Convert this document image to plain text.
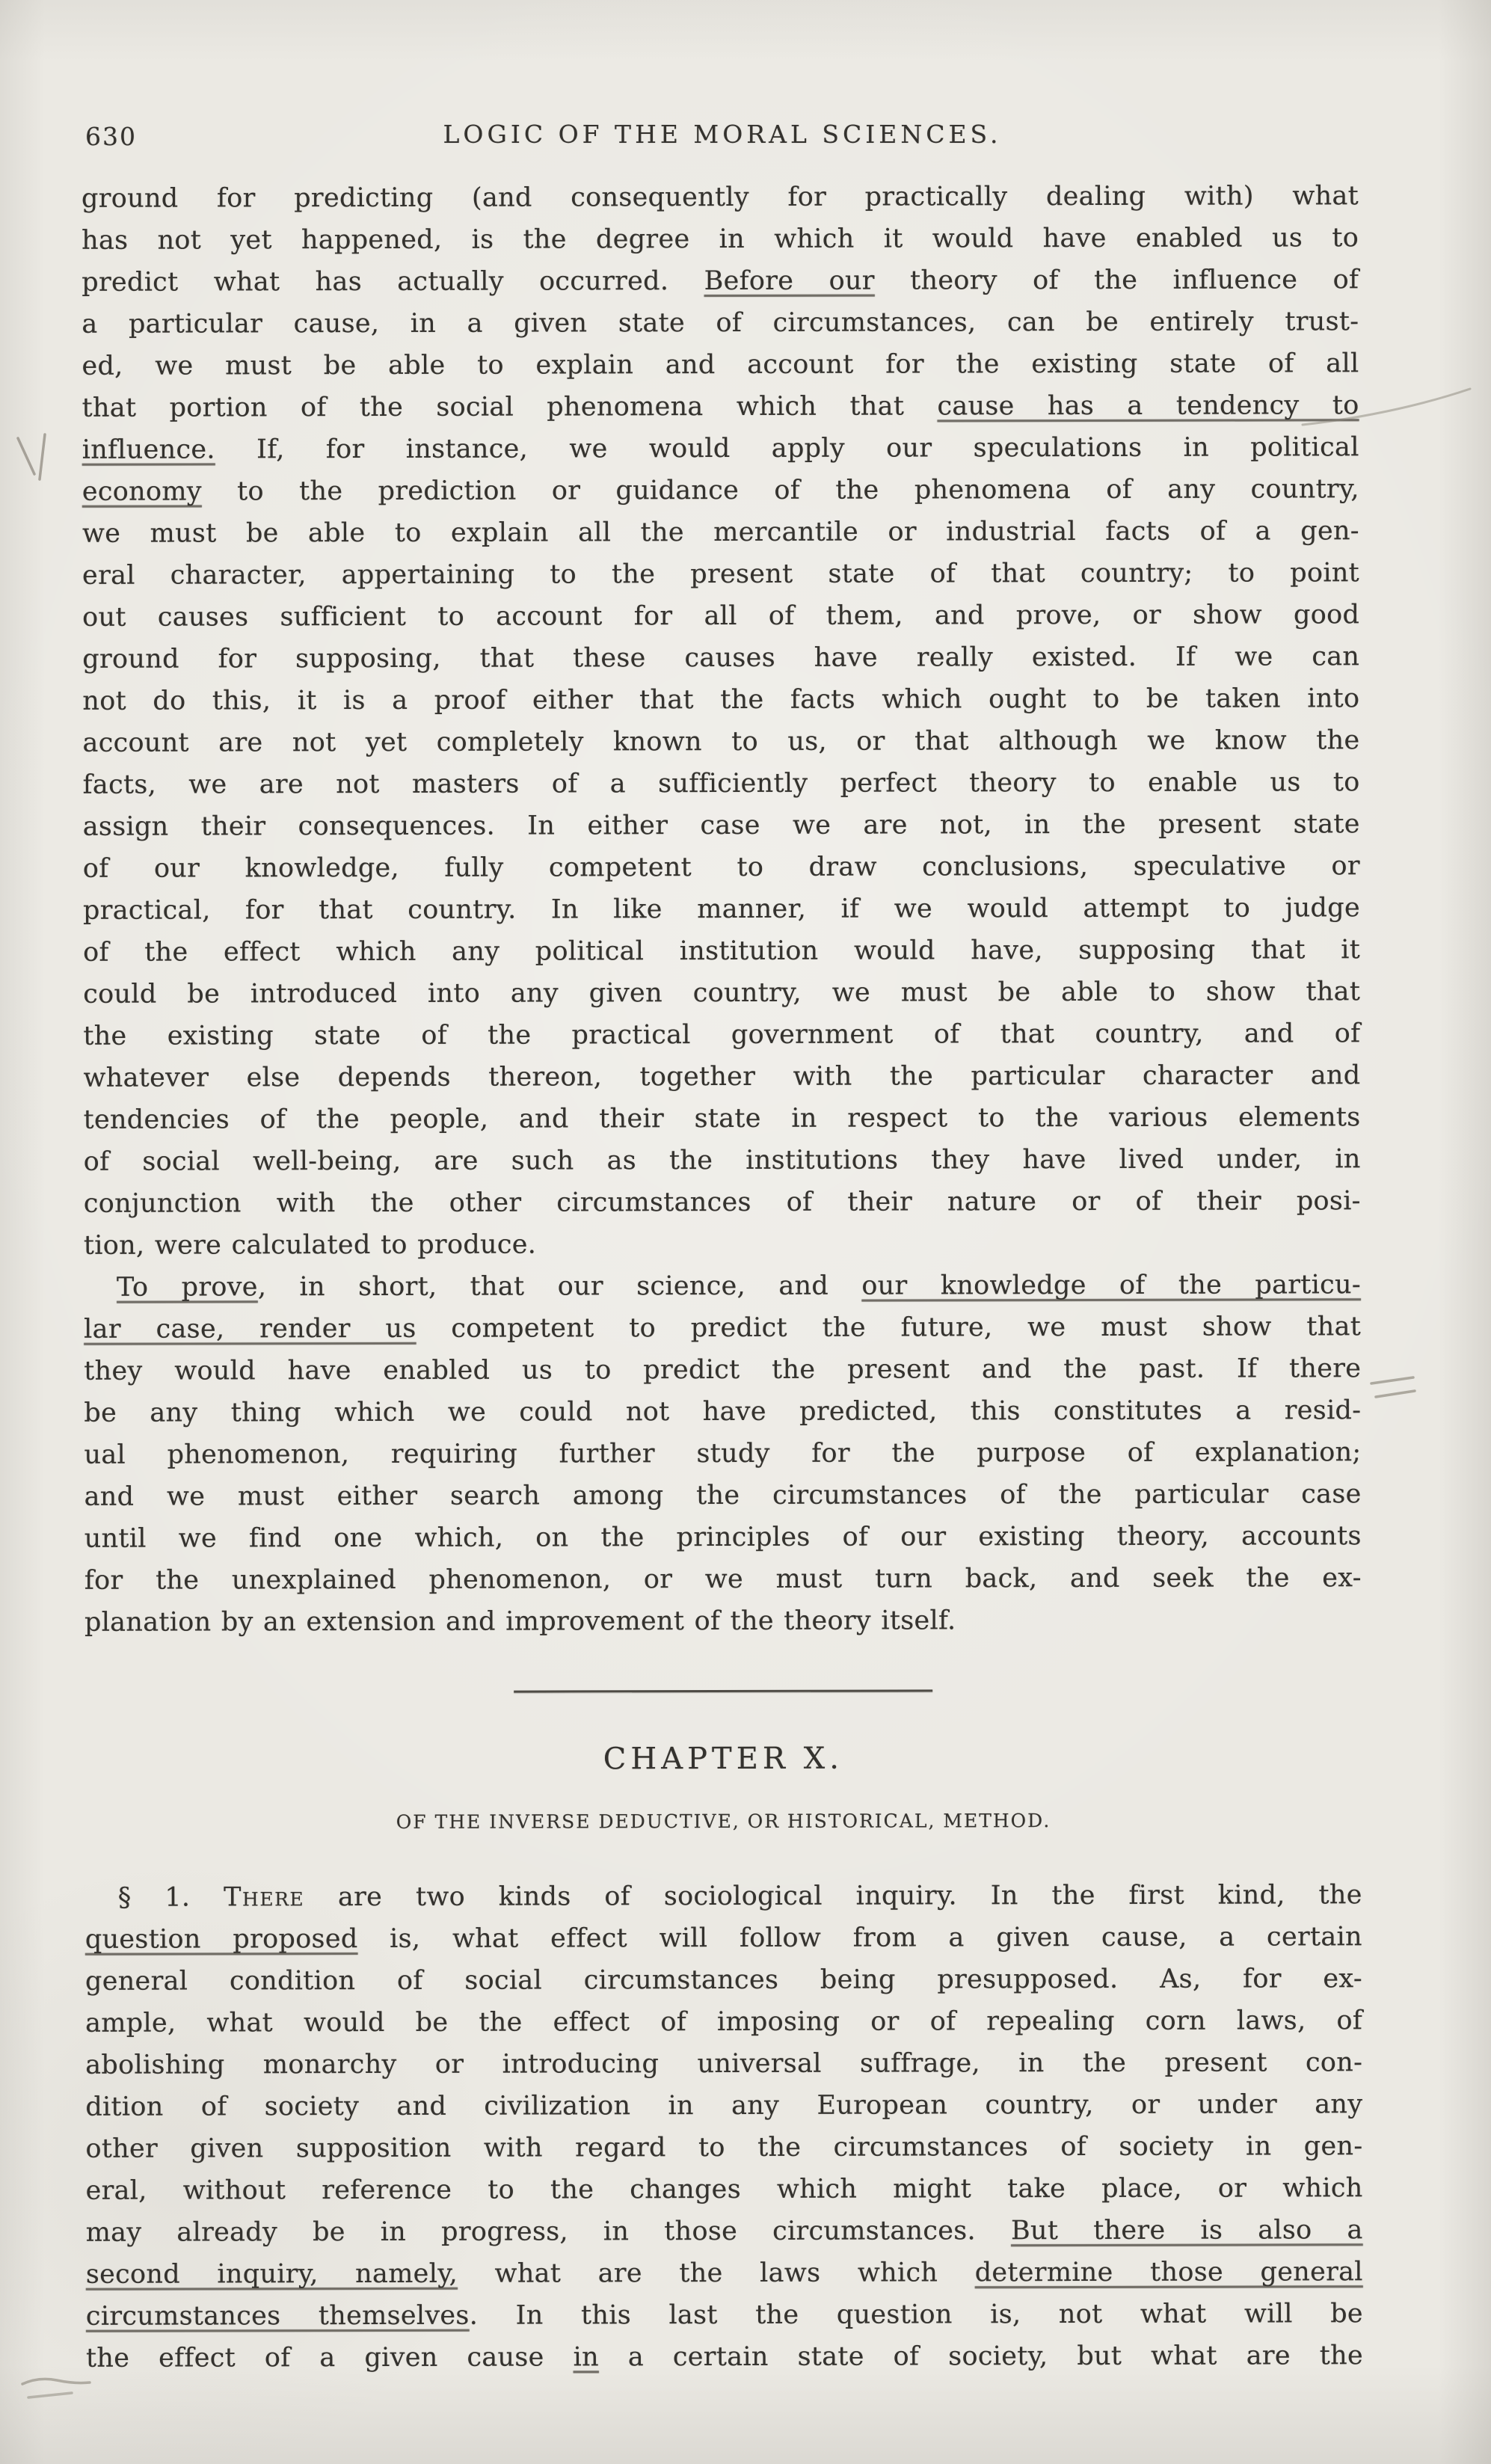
630	LOGIC OF THE MORAL SCIENCES.
ground for predicting (and consequently for practically dealing with) what
has not yet happened, is the degree in which it would have enabled us to
predict what has actually occurred. Before our theory of the influence of
a particular cause, in a given state of circumstances, can be entirely trust-
ed, we must be able to explain and account for the existing state of all
that portion of the social phenomena which that cause has a tendency to
influence. If, for instance, we would apply our speculations in political
economy to the prediction or guidance of the phenomena of any country,
we must be able to explain all the mercantile or industrial facts of a gen-
eral character, appertaining to the present state of that country; to point
out causes sufficient to account for all of them, and prove, or show good
ground for supposing, that these causes have really existed. If we can
not do this, it is a proof either that the facts which ought to be taken into
account are not yet completely known to us, or that although we know the
facts, we are not masters of a sufficiently perfect theory to enable us to
assign their consequences. In either case we are not, in the present state
of our knowledge, fully competent to draw conclusions, speculative or
practical, for that country. In like manner, if we would attempt to judge
of the effect which any political institution would have, supposing that it
could be introduced into any given country, we must be able to show that
the existing state of the practical government of that country, and of
whatever else depends thereon, together with the particular character and
tendencies of the people, and their state in respect to the various elements
of social well-being, are such as the institutions they have lived under, in
conjunction with the other circumstances of their nature or of their posi-
tion, were calculated to produce.
To prove, in short, that our science, and our knowledge of the particu-
lar case, render us competent to predict the future, we must show that
they would have enabled us to predict the present and the past. If there
be any thing which we could not have predicted, this constitutes a resid-
ual phenomenon, requiring further study for the purpose of explanation;
and we must either search among the circumstances of the particular case
until we find one which, on the principles of our existing theory, accounts
for the unexplained phenomenon, or we must turn back, and seek the ex-
planation by an extension and improvement of the theory itself.
CHAPTER X.
OF THE INVERSE DEDUCTIVE, OR HISTORICAL, METHOD.
§ 1. There are two kinds of sociological inquiry. In the first kind, the
question proposed is, what effect will follow from a given cause, a certain
general condition of social circumstances being presupposed. As, for ex-
ample, what would be the effect of imposing or of repealing corn laws, of
abolishing monarchy or introducing universal suffrage, in the present con-
dition of society and civilization in any European country, or under any
other given supposition with regard to the circumstances of society in gen-
eral, without reference to the changes which might take place, or which
may already be in progress, in those circumstances. But there is also a
second inquiry, namely, what are the laws which determine those general
circumstances themselves. In this last the question is, not what will be
the effect of a given cause in a certain state of society, but what are the
